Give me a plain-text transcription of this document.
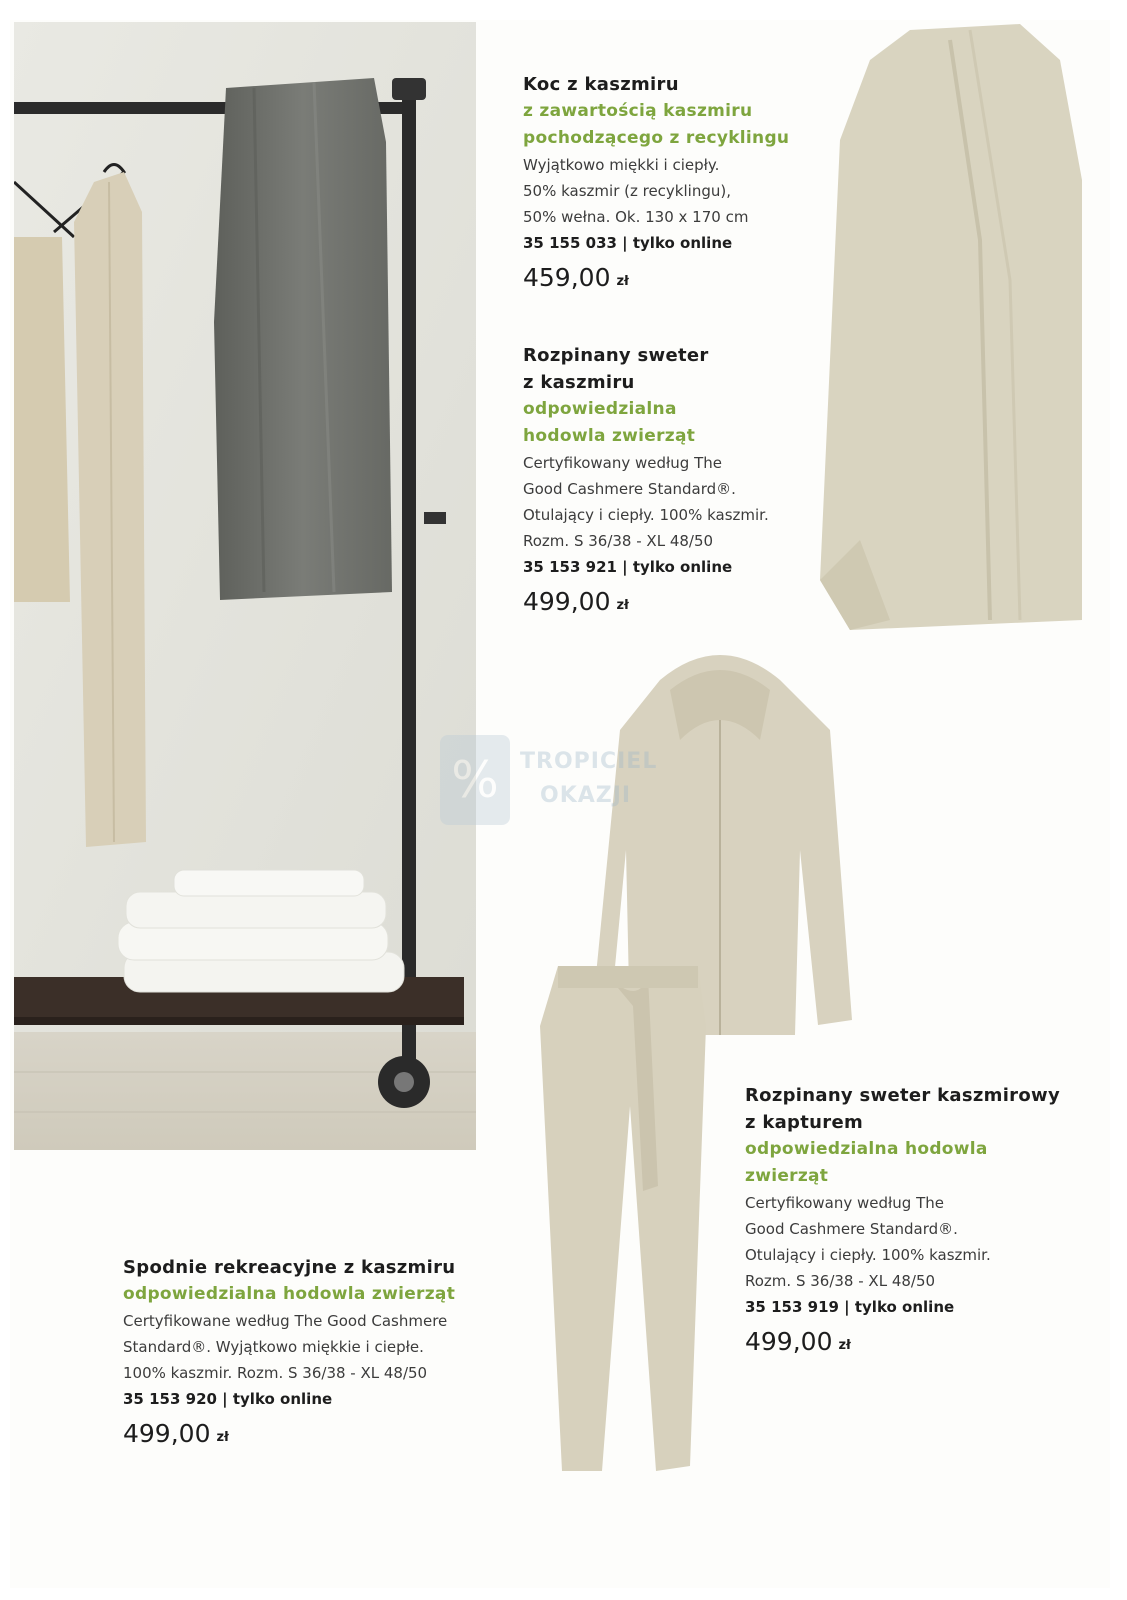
% TROPICIEL
OKAZJI
Koc z kaszmiru
z zawartością kaszmiru
pochodzącego z recyklingu
Wyjątkowo miękki i ciepły.
50% kaszmir (z recyklingu),
50% wełna. Ok. 130 x 170 cm
35 155 033 | tylko online
459,00 zł
Rozpinany sweter
z kaszmiru
odpowiedzialna
hodowla zwierząt
Certyfikowany według The
Good Cashmere Standard®.
Otulający i ciepły. 100% kaszmir.
Rozm. S 36/38 - XL 48/50
35 153 921 | tylko online
499,00 zł
Rozpinany sweter kaszmirowy
z kapturem
odpowiedzialna hodowla
zwierząt
Certyfikowany według The
Good Cashmere Standard®.
Otulający i ciepły. 100% kaszmir.
Rozm. S 36/38 - XL 48/50
35 153 919 | tylko online
499,00 zł
Spodnie rekreacyjne z kaszmiru
odpowiedzialna hodowla zwierząt
Certyfikowane według The Good Cashmere
Standard®. Wyjątkowo miękkie i ciepłe.
100% kaszmir. Rozm. S 36/38 - XL 48/50
35 153 920 | tylko online
499,00 zł
